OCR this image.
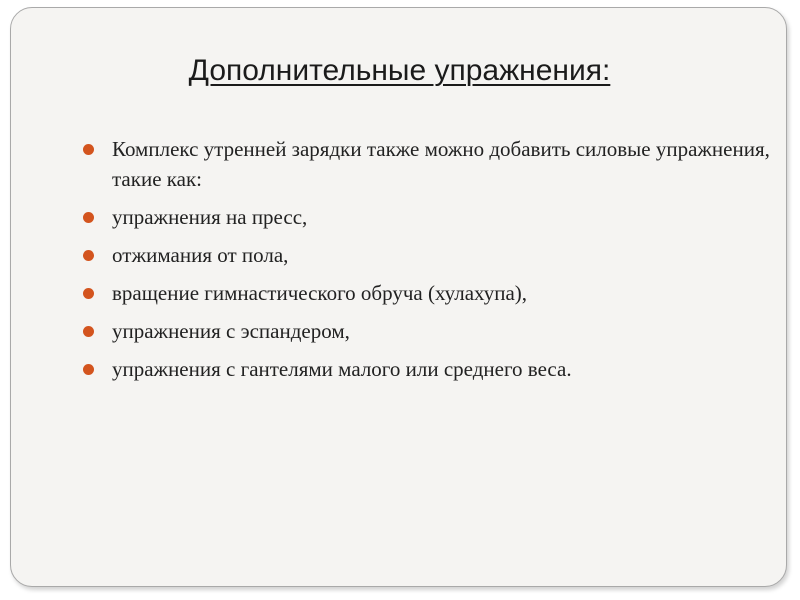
Дополнительные упражнения:
Комплекс утренней зарядки также можно добавить силовые упражнения, такие как:
упражнения на пресс,
отжимания от пола,
вращение гимнастического обруча (хулахупа),
упражнения с эспандером,
упражнения с гантелями малого или среднего веса.
